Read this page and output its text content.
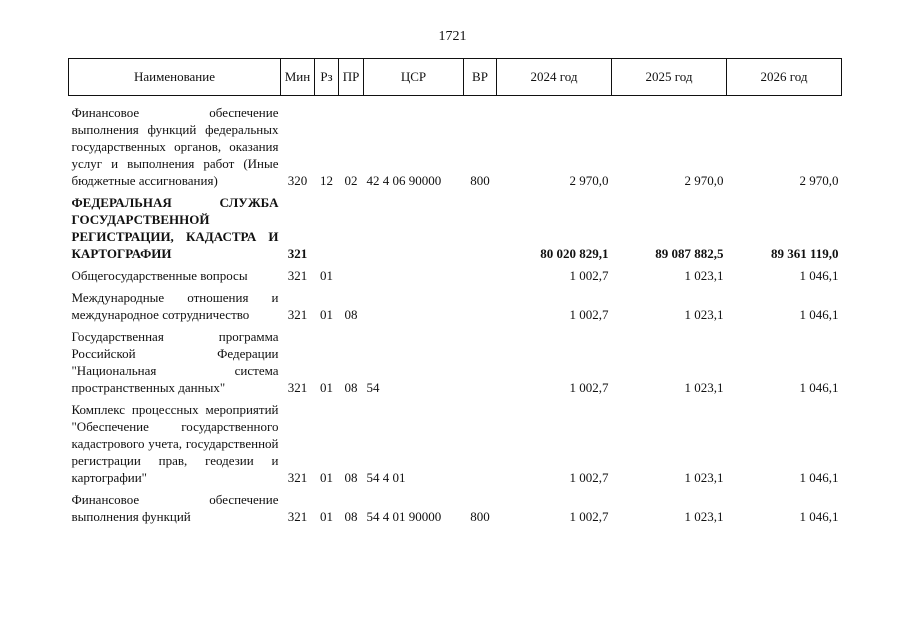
1721
Наименование	Мин	Рз	ПР	ЦСР	ВР	2024 год	2025 год	2026 год
Финансовое обеспечение выполнения функций федеральных государственных органов, оказания услуг и выполнения работ (Иные бюджетные ассигнования)	320	12	02	42 4 06 90000	800	2 970,0	2 970,0	2 970,0
ФЕДЕРАЛЬНАЯ СЛУЖБА ГОСУДАРСТВЕННОЙ РЕГИСТРАЦИИ, КАДАСТРА И КАРТОГРАФИИ	321					80 020 829,1	89 087 882,5	89 361 119,0
Общегосударственные вопросы	321	01				1 002,7	1 023,1	1 046,1
Международные отношения и международное сотрудничество	321	01	08			1 002,7	1 023,1	1 046,1
Государственная программа Российской Федерации "Национальная система пространственных данных"	321	01	08	54		1 002,7	1 023,1	1 046,1
Комплекс процессных мероприятий "Обеспечение государственного кадастрового учета, государственной регистрации прав, геодезии и картографии"	321	01	08	54 4 01		1 002,7	1 023,1	1 046,1
Финансовое обеспечение выполнения функций	321	01	08	54 4 01 90000	800	1 002,7	1 023,1	1 046,1
